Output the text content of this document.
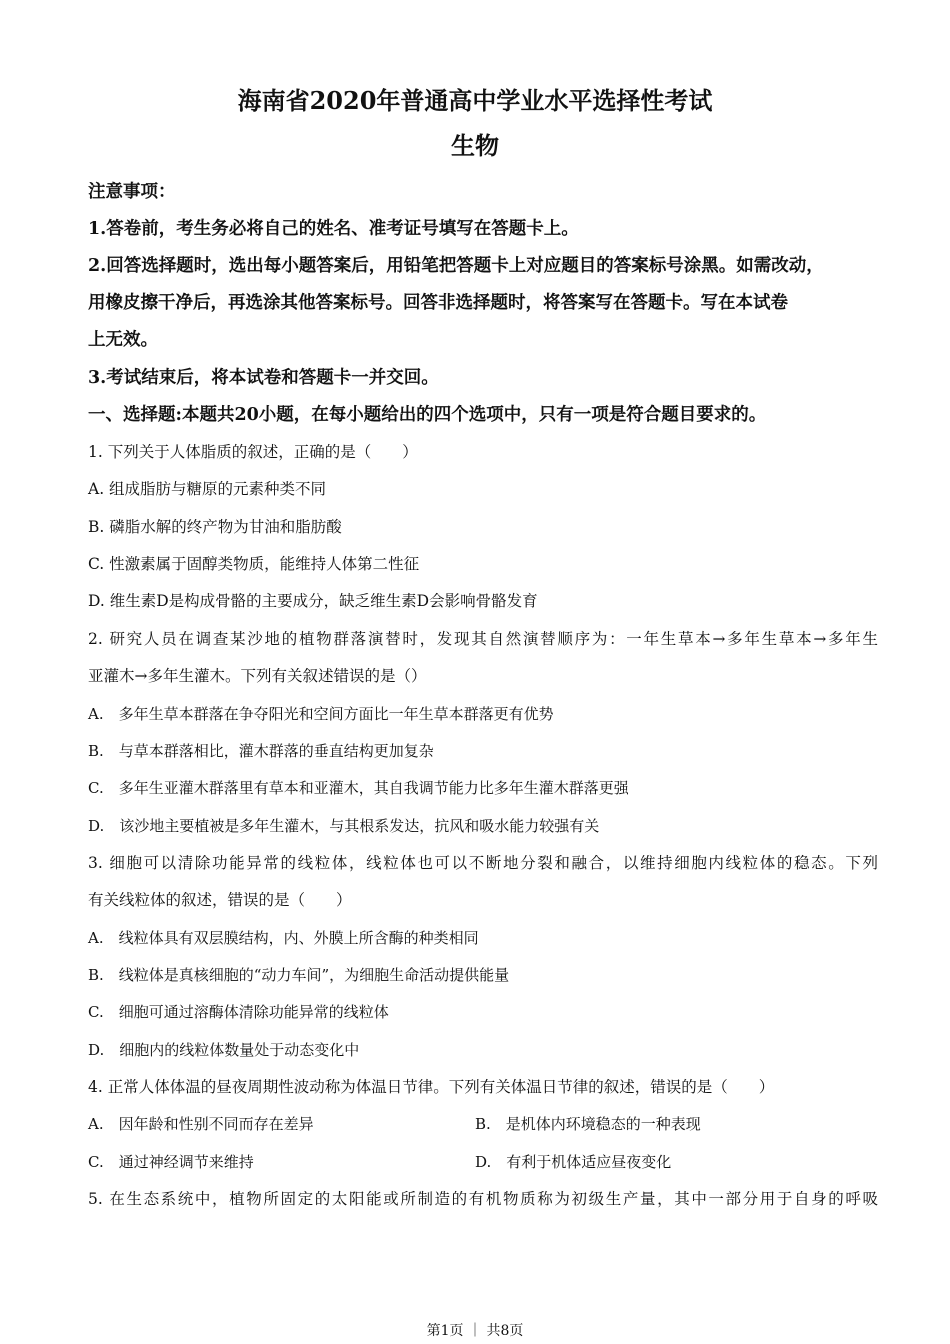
海南省2020年普通高中学业水平选择性考试
生物
注意事项：
1.答卷前，考生务必将自己的姓名、准考证号填写在答题卡上。
2.回答选择题时，选出每小题答案后，用铅笔把答题卡上对应题目的答案标号涂黑。如需改动，
用橡皮擦干净后，再选涂其他答案标号。回答非选择题时，将答案写在答题卡。写在本试卷
上无效。
3.考试结束后，将本试卷和答题卡一并交回。
一、选择题:本题共20小题，在每小题给出的四个选项中，只有一项是符合题目要求的。
1. 下列关于人体脂质的叙述，正确的是（　　）
A. 组成脂肪与糖原的元素种类不同
B. 磷脂水解的终产物为甘油和脂肪酸
C. 性激素属于固醇类物质，能维持人体第二性征
D. 维生素D是构成骨骼的主要成分，缺乏维生素D会影响骨骼发育
2. 研究人员在调查某沙地的植物群落演替时，发现其自然演替顺序为：一年生草本→多年生草本→多年生
亚灌木→多年生灌木。下列有关叙述错误的是（）
A.　多年生草本群落在争夺阳光和空间方面比一年生草本群落更有优势
B.　与草本群落相比，灌木群落的垂直结构更加复杂
C.　多年生亚灌木群落里有草本和亚灌木，其自我调节能力比多年生灌木群落更强
D.　该沙地主要植被是多年生灌木，与其根系发达，抗风和吸水能力较强有关
3. 细胞可以清除功能异常的线粒体，线粒体也可以不断地分裂和融合，以维持细胞内线粒体的稳态。下列
有关线粒体的叙述，错误的是（　　）
A.　线粒体具有双层膜结构，内、外膜上所含酶的种类相同
B.　线粒体是真核细胞的“动力车间”，为细胞生命活动提供能量
C.　细胞可通过溶酶体清除功能异常的线粒体
D.　细胞内的线粒体数量处于动态变化中
4. 正常人体体温的昼夜周期性波动称为体温日节律。下列有关体温日节律的叙述，错误的是（　　）
A.　因年龄和性别不同而存在差异	B.　是机体内环境稳态的一种表现
C.　通过神经调节来维持	D.　有利于机体适应昼夜变化
5. 在生态系统中，植物所固定的太阳能或所制造的有机物质称为初级生产量，其中一部分用于自身的呼吸
第1页 ｜ 共8页
